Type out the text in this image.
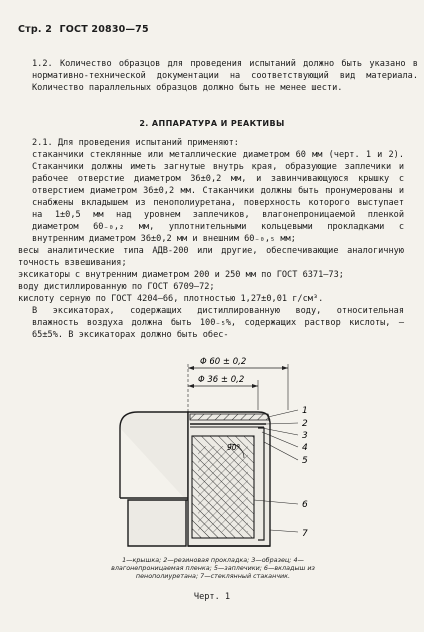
Стр. 2 ГОСТ 20830—75
1.2. Количество образцов для проведения испытаний должно быть указано в нормативно-технической документации на соответствующий вид материала. Количество параллельных образцов должно быть не менее шести.
2. АППАРАТУРА И РЕАКТИВЫ
2.1. Для проведения испытаний применяют:
стаканчики стеклянные или металлические диаметром 60 мм (черт. 1 и 2). Стаканчики должны иметь загнутые внутрь края, образующие заплечики и рабочее отверстие диаметром 36±0,2 мм, и завинчивающуюся крышку с отверстием диаметром 36±0,2 мм. Стаканчики должны быть пронумерованы и снабжены вкладышем из пенополиуретана, поверхность которого выступает на 1±0,5 мм над уровнем заплечиков, влагонепроницаемой пленкой диаметром 60₋₀,₂ мм, уплотнительными кольцевыми прокладками с внутренним диаметром 36±0,2 мм и внешним 60₋₀,₅ мм;
весы аналитические типа АДВ-200 или другие, обеспечивающие аналогичную точность взвешивания;
эксикаторы с внутренним диаметром 200 и 250 мм по ГОСТ 6371—73;
воду дистиллированную по ГОСТ 6709—72;
кислоту серную по ГОСТ 4204—66, плотностью 1,27±0,01 г/см³.
В эксикаторах, содержащих дистиллированную воду, относительная влажность воздуха должна быть 100₋₅%, содержащих раствор кислоты, — 65±5%. В эксикаторах должно быть обес-
Φ 60 ± 0,2
Φ 36 ± 0,2
90°
1
2
3
4
5
6
7
1—крышка; 2—резиновая прокладка; 3—образец; 4—влагонепроницаемая пленка; 5—заплечики; 6—вкладыш из пенополиуретана; 7—стеклянный стаканчик.
Черт. 1
